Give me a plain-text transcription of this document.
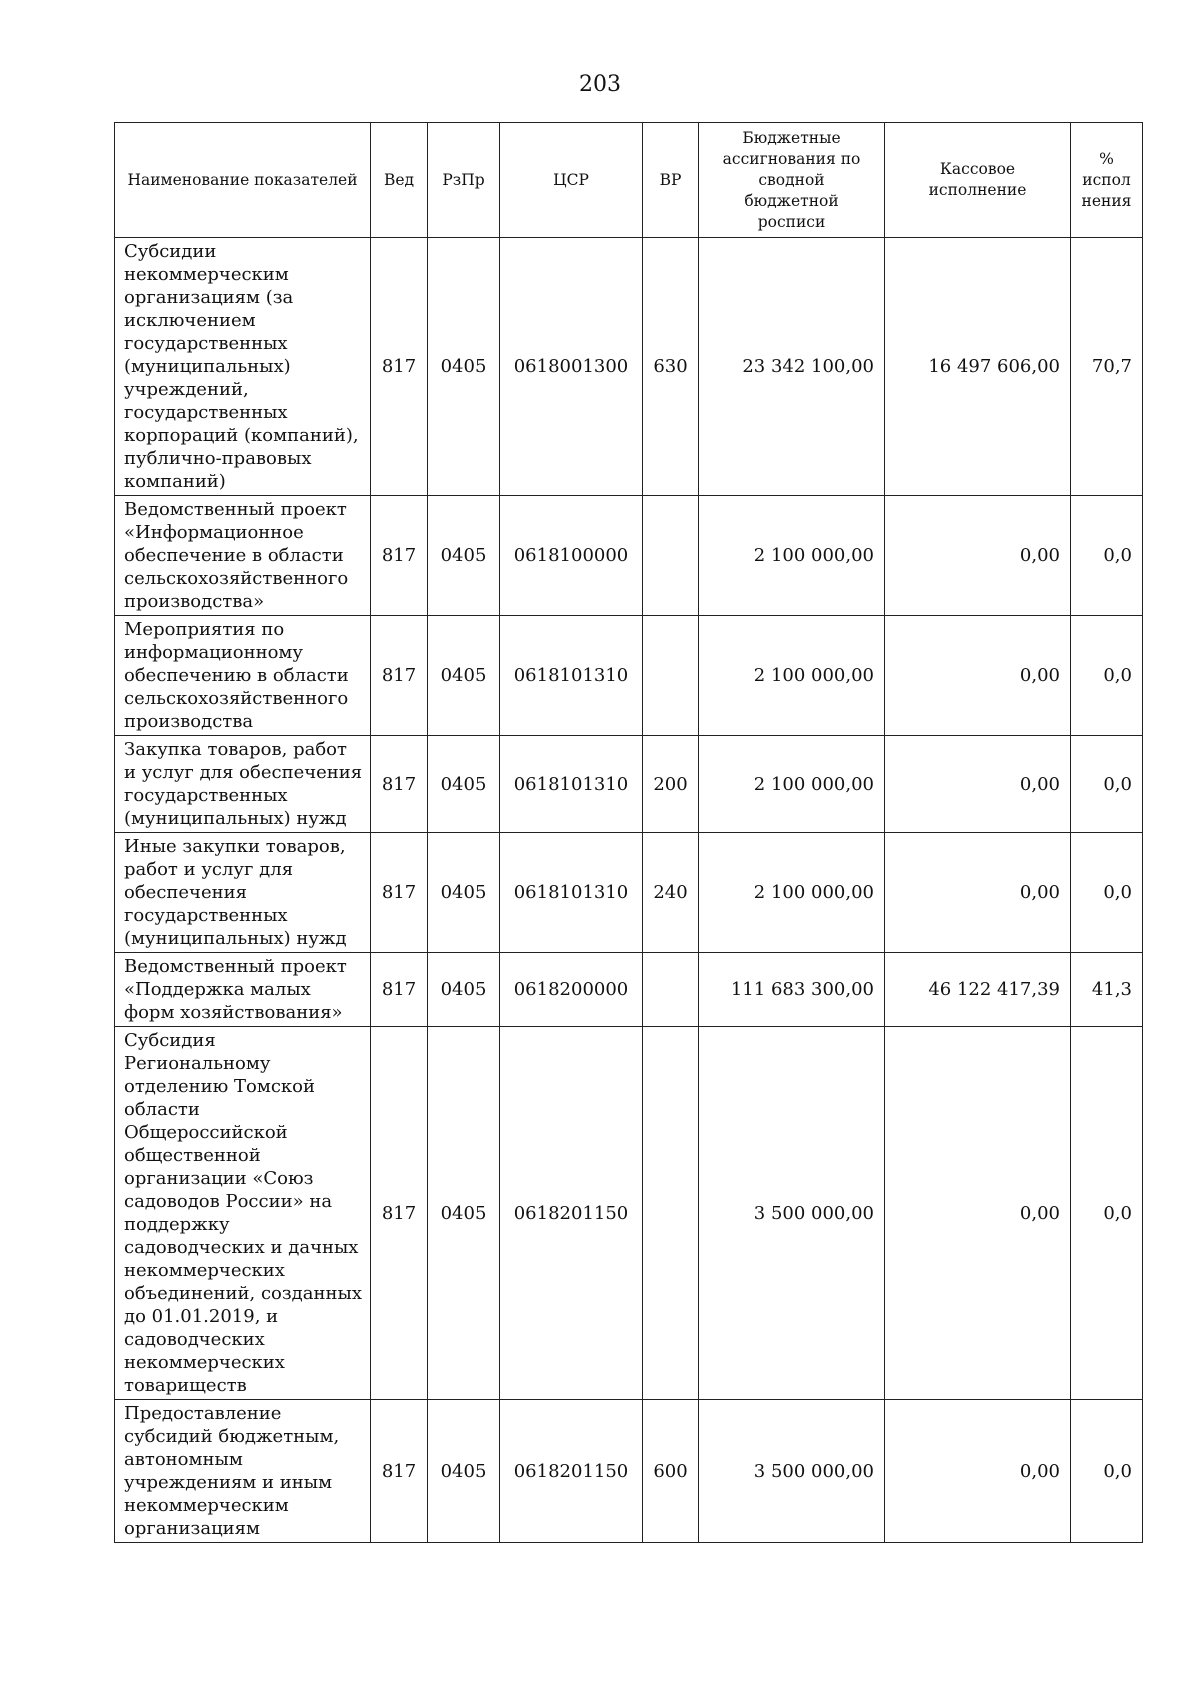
203
Наименование показателей	Вед	РзПр	ЦСР	ВР	Бюджетные ассигнования по сводной бюджетной росписи	Кассовое исполнение	% испол нения
Субсидии некоммерческим организациям (за исключением государственных (муниципальных) учреждений, государственных корпораций (компаний), публично-правовых компаний)	817	0405	0618001300	630	23 342 100,00	16 497 606,00	70,7
Ведомственный проект «Информационное обеспечение в области сельскохозяйственного производства»	817	0405	0618100000		2 100 000,00	0,00	0,0
Мероприятия по информационному обеспечению в области сельскохозяйственного производства	817	0405	0618101310		2 100 000,00	0,00	0,0
Закупка товаров, работ и услуг для обеспечения государственных (муниципальных) нужд	817	0405	0618101310	200	2 100 000,00	0,00	0,0
Иные закупки товаров, работ и услуг для обеспечения государственных (муниципальных) нужд	817	0405	0618101310	240	2 100 000,00	0,00	0,0
Ведомственный проект «Поддержка малых форм хозяйствования»	817	0405	0618200000		111 683 300,00	46 122 417,39	41,3
Субсидия Региональному отделению Томской области Общероссийской общественной организации «Союз садоводов России» на поддержку садоводческих и дачных некоммерческих объединений, созданных до 01.01.2019, и садоводческих некоммерческих товариществ	817	0405	0618201150		3 500 000,00	0,00	0,0
Предоставление субсидий бюджетным, автономным учреждениям и иным некоммерческим организациям	817	0405	0618201150	600	3 500 000,00	0,00	0,0
